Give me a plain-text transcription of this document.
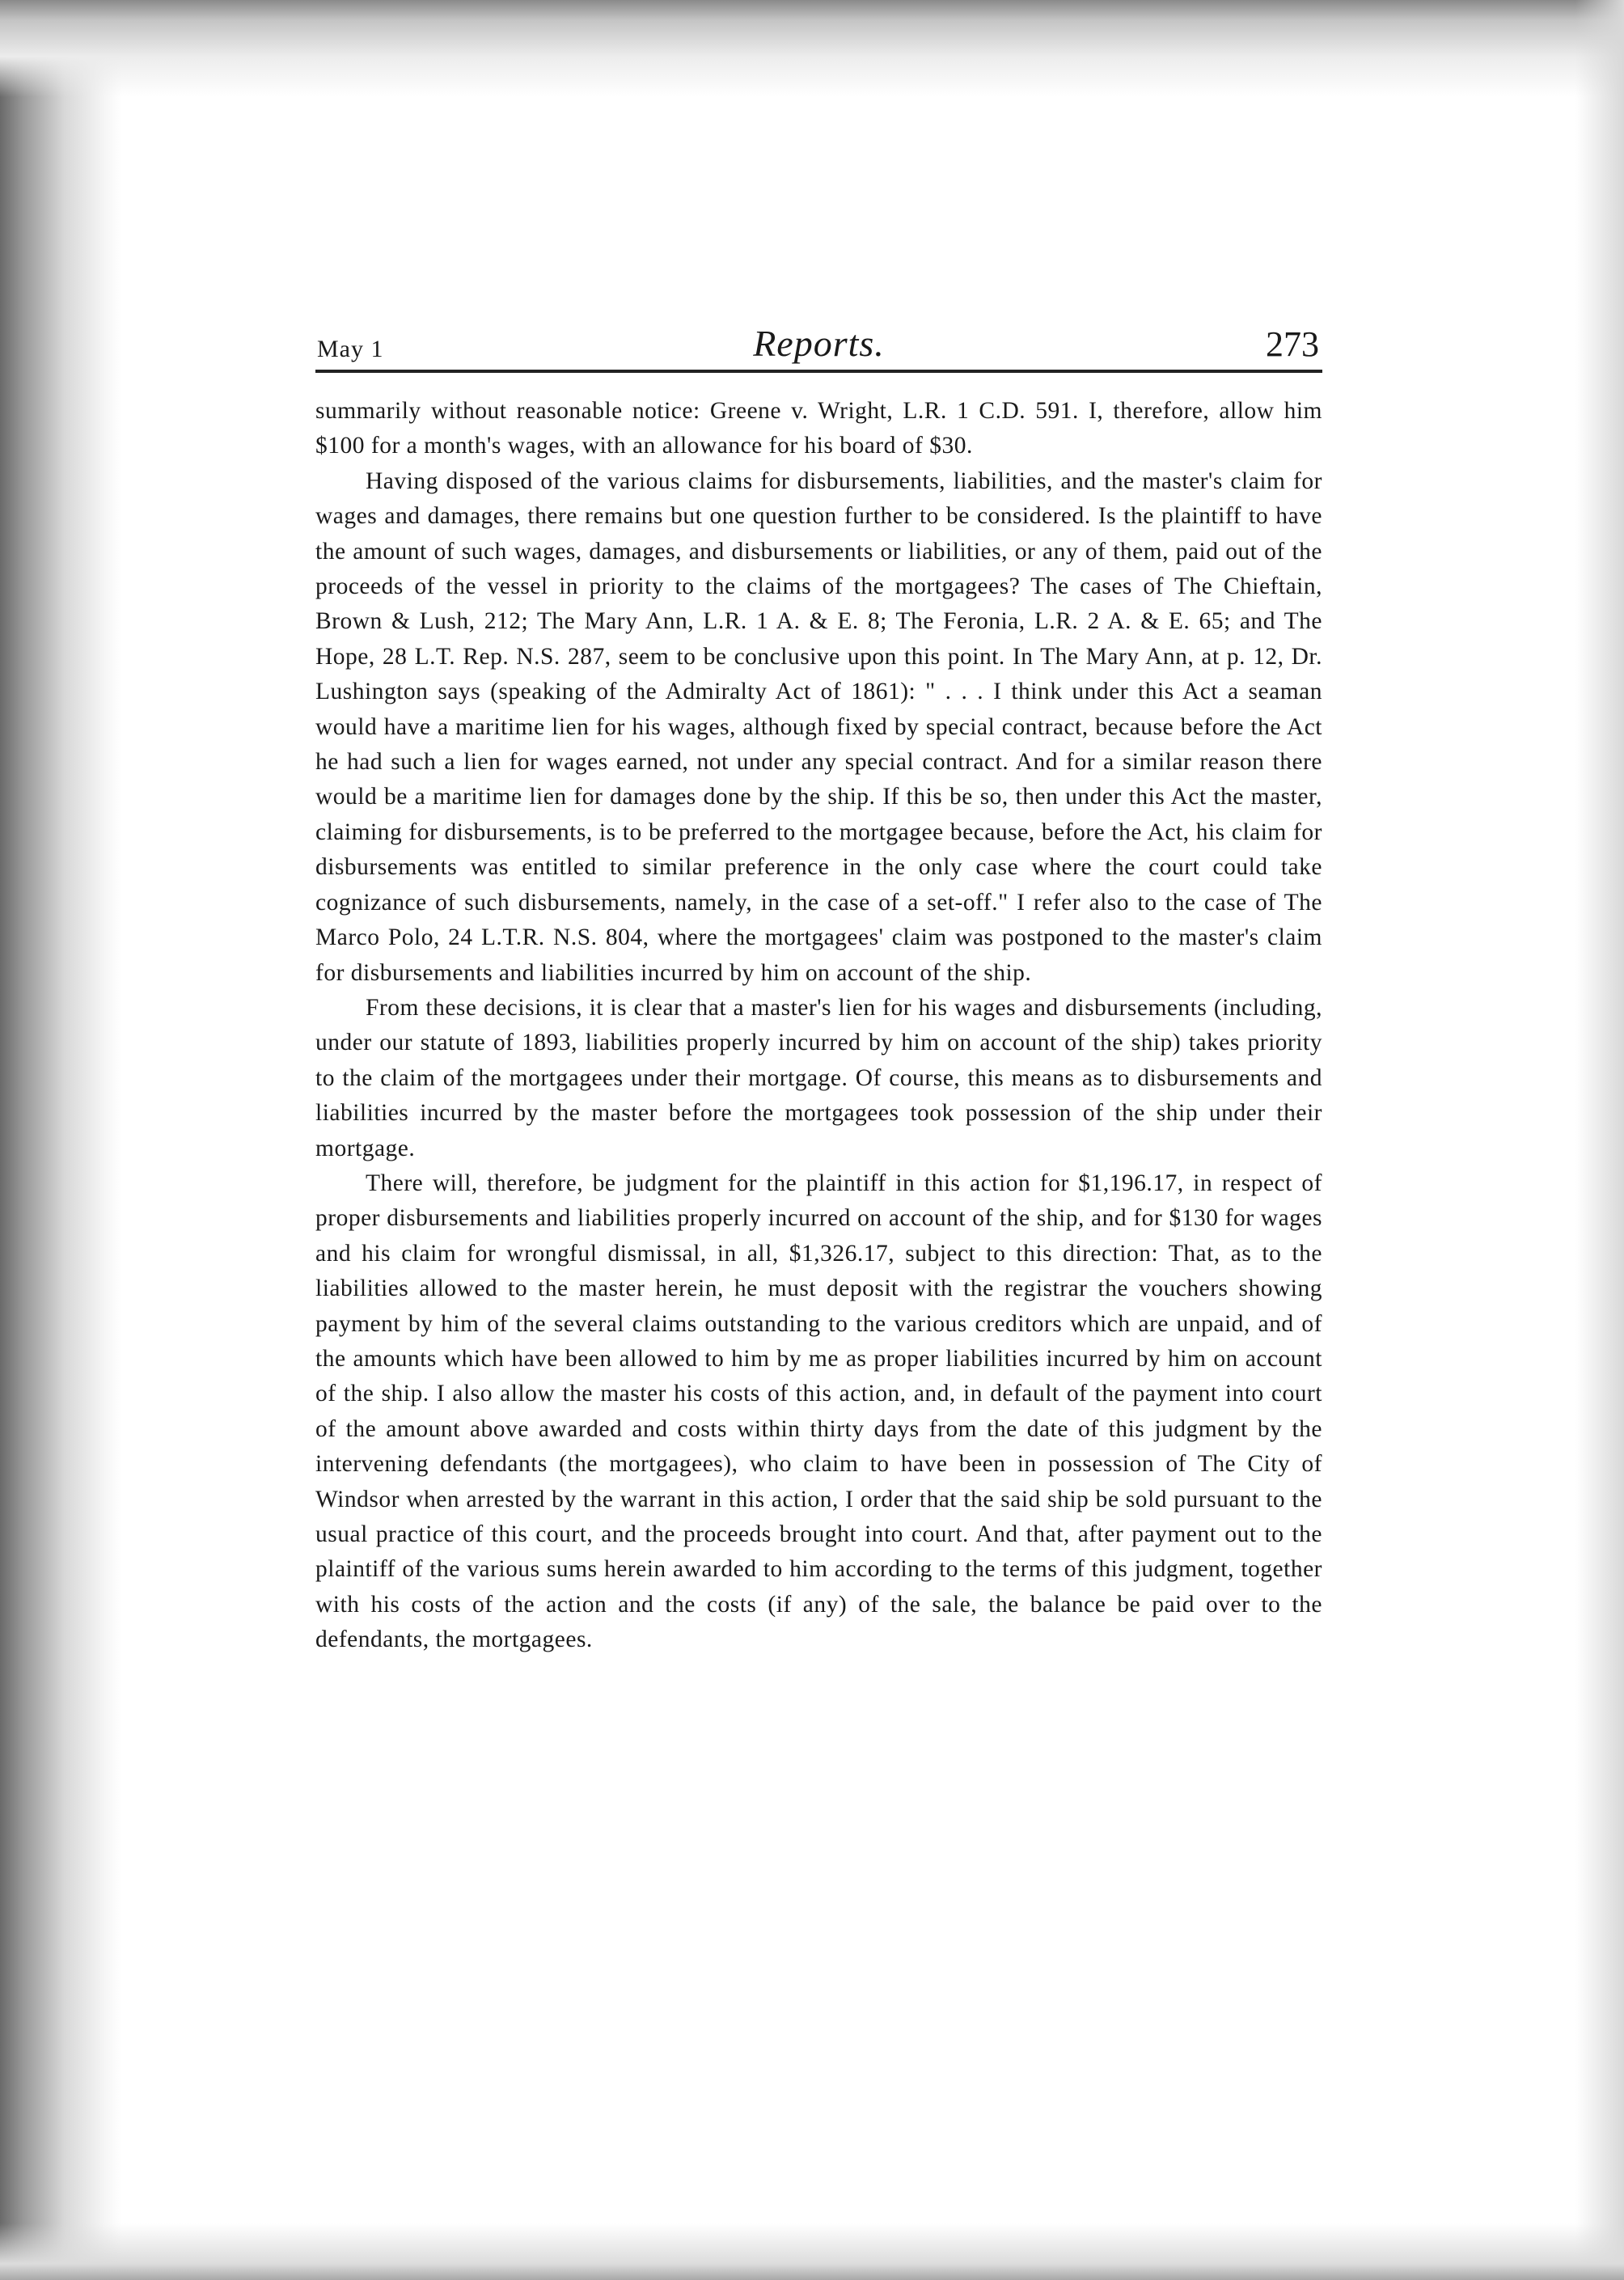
May 1	Reports.	273

summarily without reasonable notice: Greene v. Wright, L.R. 1 C.D. 591. I, therefore, allow him $100 for a month's wages, with an allowance for his board of $30.

Having disposed of the various claims for disbursements, liabilities, and the master's claim for wages and damages, there remains but one question further to be considered. Is the plaintiff to have the amount of such wages, damages, and disbursements or liabilities, or any of them, paid out of the proceeds of the vessel in priority to the claims of the mortgagees? The cases of The Chieftain, Brown & Lush, 212; The Mary Ann, L.R. 1 A. & E. 8; The Feronia, L.R. 2 A. & E. 65; and The Hope, 28 L.T. Rep. N.S. 287, seem to be conclusive upon this point. In The Mary Ann, at p. 12, Dr. Lushington says (speaking of the Admiralty Act of 1861): " . . . I think under this Act a seaman would have a maritime lien for his wages, although fixed by special contract, because before the Act he had such a lien for wages earned, not under any special contract. And for a similar reason there would be a maritime lien for damages done by the ship. If this be so, then under this Act the master, claiming for disbursements, is to be preferred to the mortgagee because, before the Act, his claim for disbursements was entitled to similar preference in the only case where the court could take cognizance of such disbursements, namely, in the case of a set-off." I refer also to the case of The Marco Polo, 24 L.T.R. N.S. 804, where the mortgagees' claim was postponed to the master's claim for disbursements and liabilities incurred by him on account of the ship.

From these decisions, it is clear that a master's lien for his wages and disbursements (including, under our statute of 1893, liabilities properly incurred by him on account of the ship) takes priority to the claim of the mortgagees under their mortgage. Of course, this means as to disbursements and liabilities incurred by the master before the mortgagees took possession of the ship under their mortgage.

There will, therefore, be judgment for the plaintiff in this action for $1,196.17, in respect of proper disbursements and liabilities properly incurred on account of the ship, and for $130 for wages and his claim for wrongful dismissal, in all, $1,326.17, subject to this direction: That, as to the liabilities allowed to the master herein, he must deposit with the registrar the vouchers showing payment by him of the several claims outstanding to the various creditors which are unpaid, and of the amounts which have been allowed to him by me as proper liabilities incurred by him on account of the ship. I also allow the master his costs of this action, and, in default of the payment into court of the amount above awarded and costs within thirty days from the date of this judgment by the intervening defendants (the mortgagees), who claim to have been in possession of The City of Windsor when arrested by the warrant in this action, I order that the said ship be sold pursuant to the usual practice of this court, and the proceeds brought into court. And that, after payment out to the plaintiff of the various sums herein awarded to him according to the terms of this judgment, together with his costs of the action and the costs (if any) of the sale, the balance be paid over to the defendants, the mortgagees.
